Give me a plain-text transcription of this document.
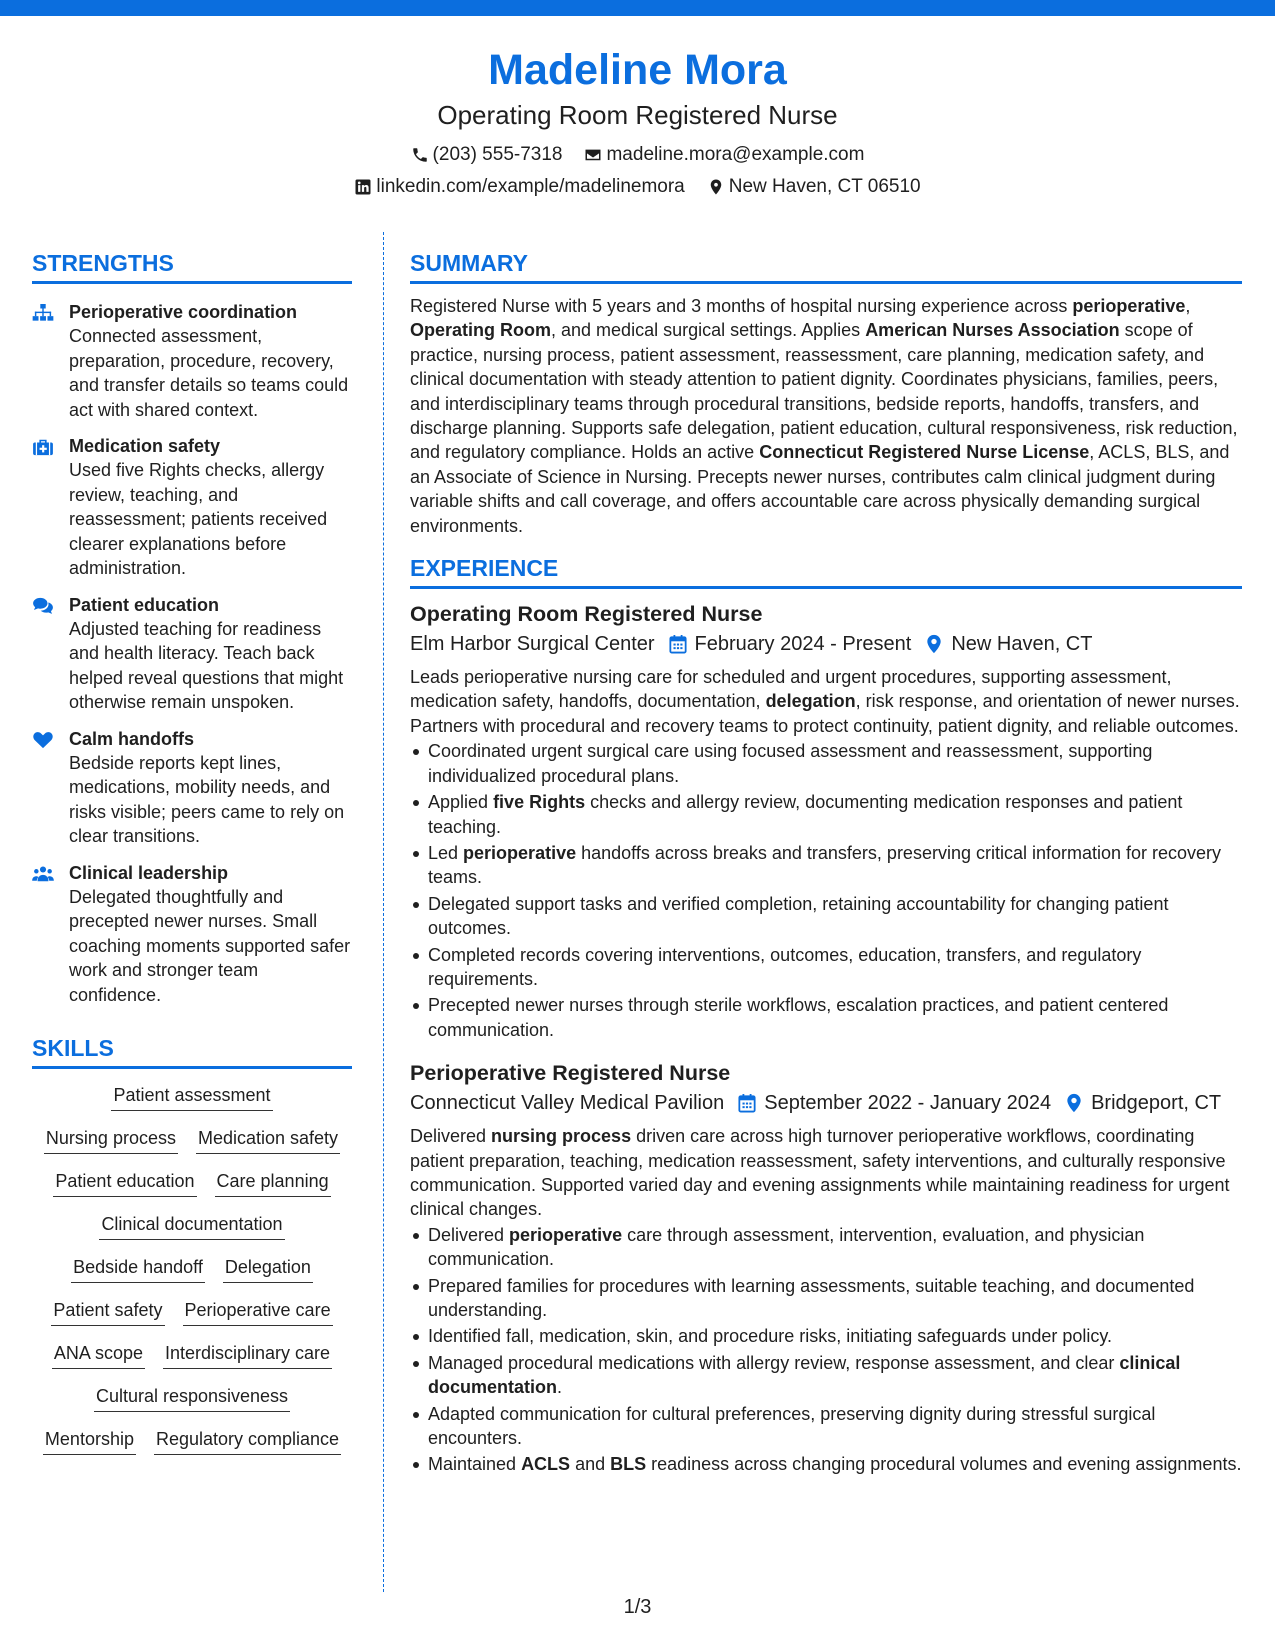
Madeline Mora
Operating Room Registered Nurse
(203) 555-7318 madeline.mora@example.com
linkedin.com/example/madelinemora New Haven, CT 06510
STRENGTHS
Perioperative coordination
Connected assessment, preparation, procedure, recovery, and transfer details so teams could act with shared context.
Medication safety
Used five Rights checks, allergy review, teaching, and reassessment; patients received clearer explanations before administration.
Patient education
Adjusted teaching for readiness and health literacy. Teach back helped reveal questions that might otherwise remain unspoken.
Calm handoffs
Bedside reports kept lines, medications, mobility needs, and risks visible; peers came to rely on clear transitions.
Clinical leadership
Delegated thoughtfully and precepted newer nurses. Small coaching moments supported safer work and stronger team confidence.
SKILLS
Patient assessment
Nursing process Medication safety
Patient education Care planning
Clinical documentation
Bedside handoff Delegation
Patient safety Perioperative care
ANA scope Interdisciplinary care
Cultural responsiveness
Mentorship Regulatory compliance
SUMMARY

Registered Nurse with 5 years and 3 months of hospital nursing experience across perioperative, Operating Room, and medical surgical settings. Applies American Nurses Association scope of practice, nursing process, patient assessment, reassessment, care planning, medication safety, and clinical documentation with steady attention to patient dignity. Coordinates physicians, families, peers, and interdisciplinary teams through procedural transitions, bedside reports, handoffs, transfers, and discharge planning. Supports safe delegation, patient education, cultural responsiveness, risk reduction, and regulatory compliance. Holds an active Connecticut Registered Nurse License, ACLS, BLS, and an Associate of Science in Nursing. Precepts newer nurses, contributes calm clinical judgment during variable shifts and call coverage, and offers accountable care across physically demanding surgical environments.

EXPERIENCE
Operating Room Registered Nurse
Elm Harbor Surgical Center February 2024 - Present New Haven, CT

Leads perioperative nursing care for scheduled and urgent procedures, supporting assessment, medication safety, handoffs, documentation, delegation, risk response, and orientation of newer nurses. Partners with procedural and recovery teams to protect continuity, patient dignity, and reliable outcomes.

Coordinated urgent surgical care using focused assessment and reassessment, supporting individualized procedural plans.
Applied five Rights checks and allergy review, documenting medication responses and patient teaching.
Led perioperative handoffs across breaks and transfers, preserving critical information for recovery teams.
Delegated support tasks and verified completion, retaining accountability for changing patient outcomes.
Completed records covering interventions, outcomes, education, transfers, and regulatory requirements.
Precepted newer nurses through sterile workflows, escalation practices, and patient centered communication.
Perioperative Registered Nurse
Connecticut Valley Medical Pavilion September 2022 - January 2024 Bridgeport, CT

Delivered nursing process driven care across high turnover perioperative workflows, coordinating patient preparation, teaching, medication reassessment, safety interventions, and culturally responsive communication. Supported varied day and evening assignments while maintaining readiness for urgent clinical changes.

Delivered perioperative care through assessment, intervention, evaluation, and physician communication.
Prepared families for procedures with learning assessments, suitable teaching, and documented understanding.
Identified fall, medication, skin, and procedure risks, initiating safeguards under policy.
Managed procedural medications with allergy review, response assessment, and clear clinical documentation.
Adapted communication for cultural preferences, preserving dignity during stressful surgical encounters.
Maintained ACLS and BLS readiness across changing procedural volumes and evening assignments.
1/3
